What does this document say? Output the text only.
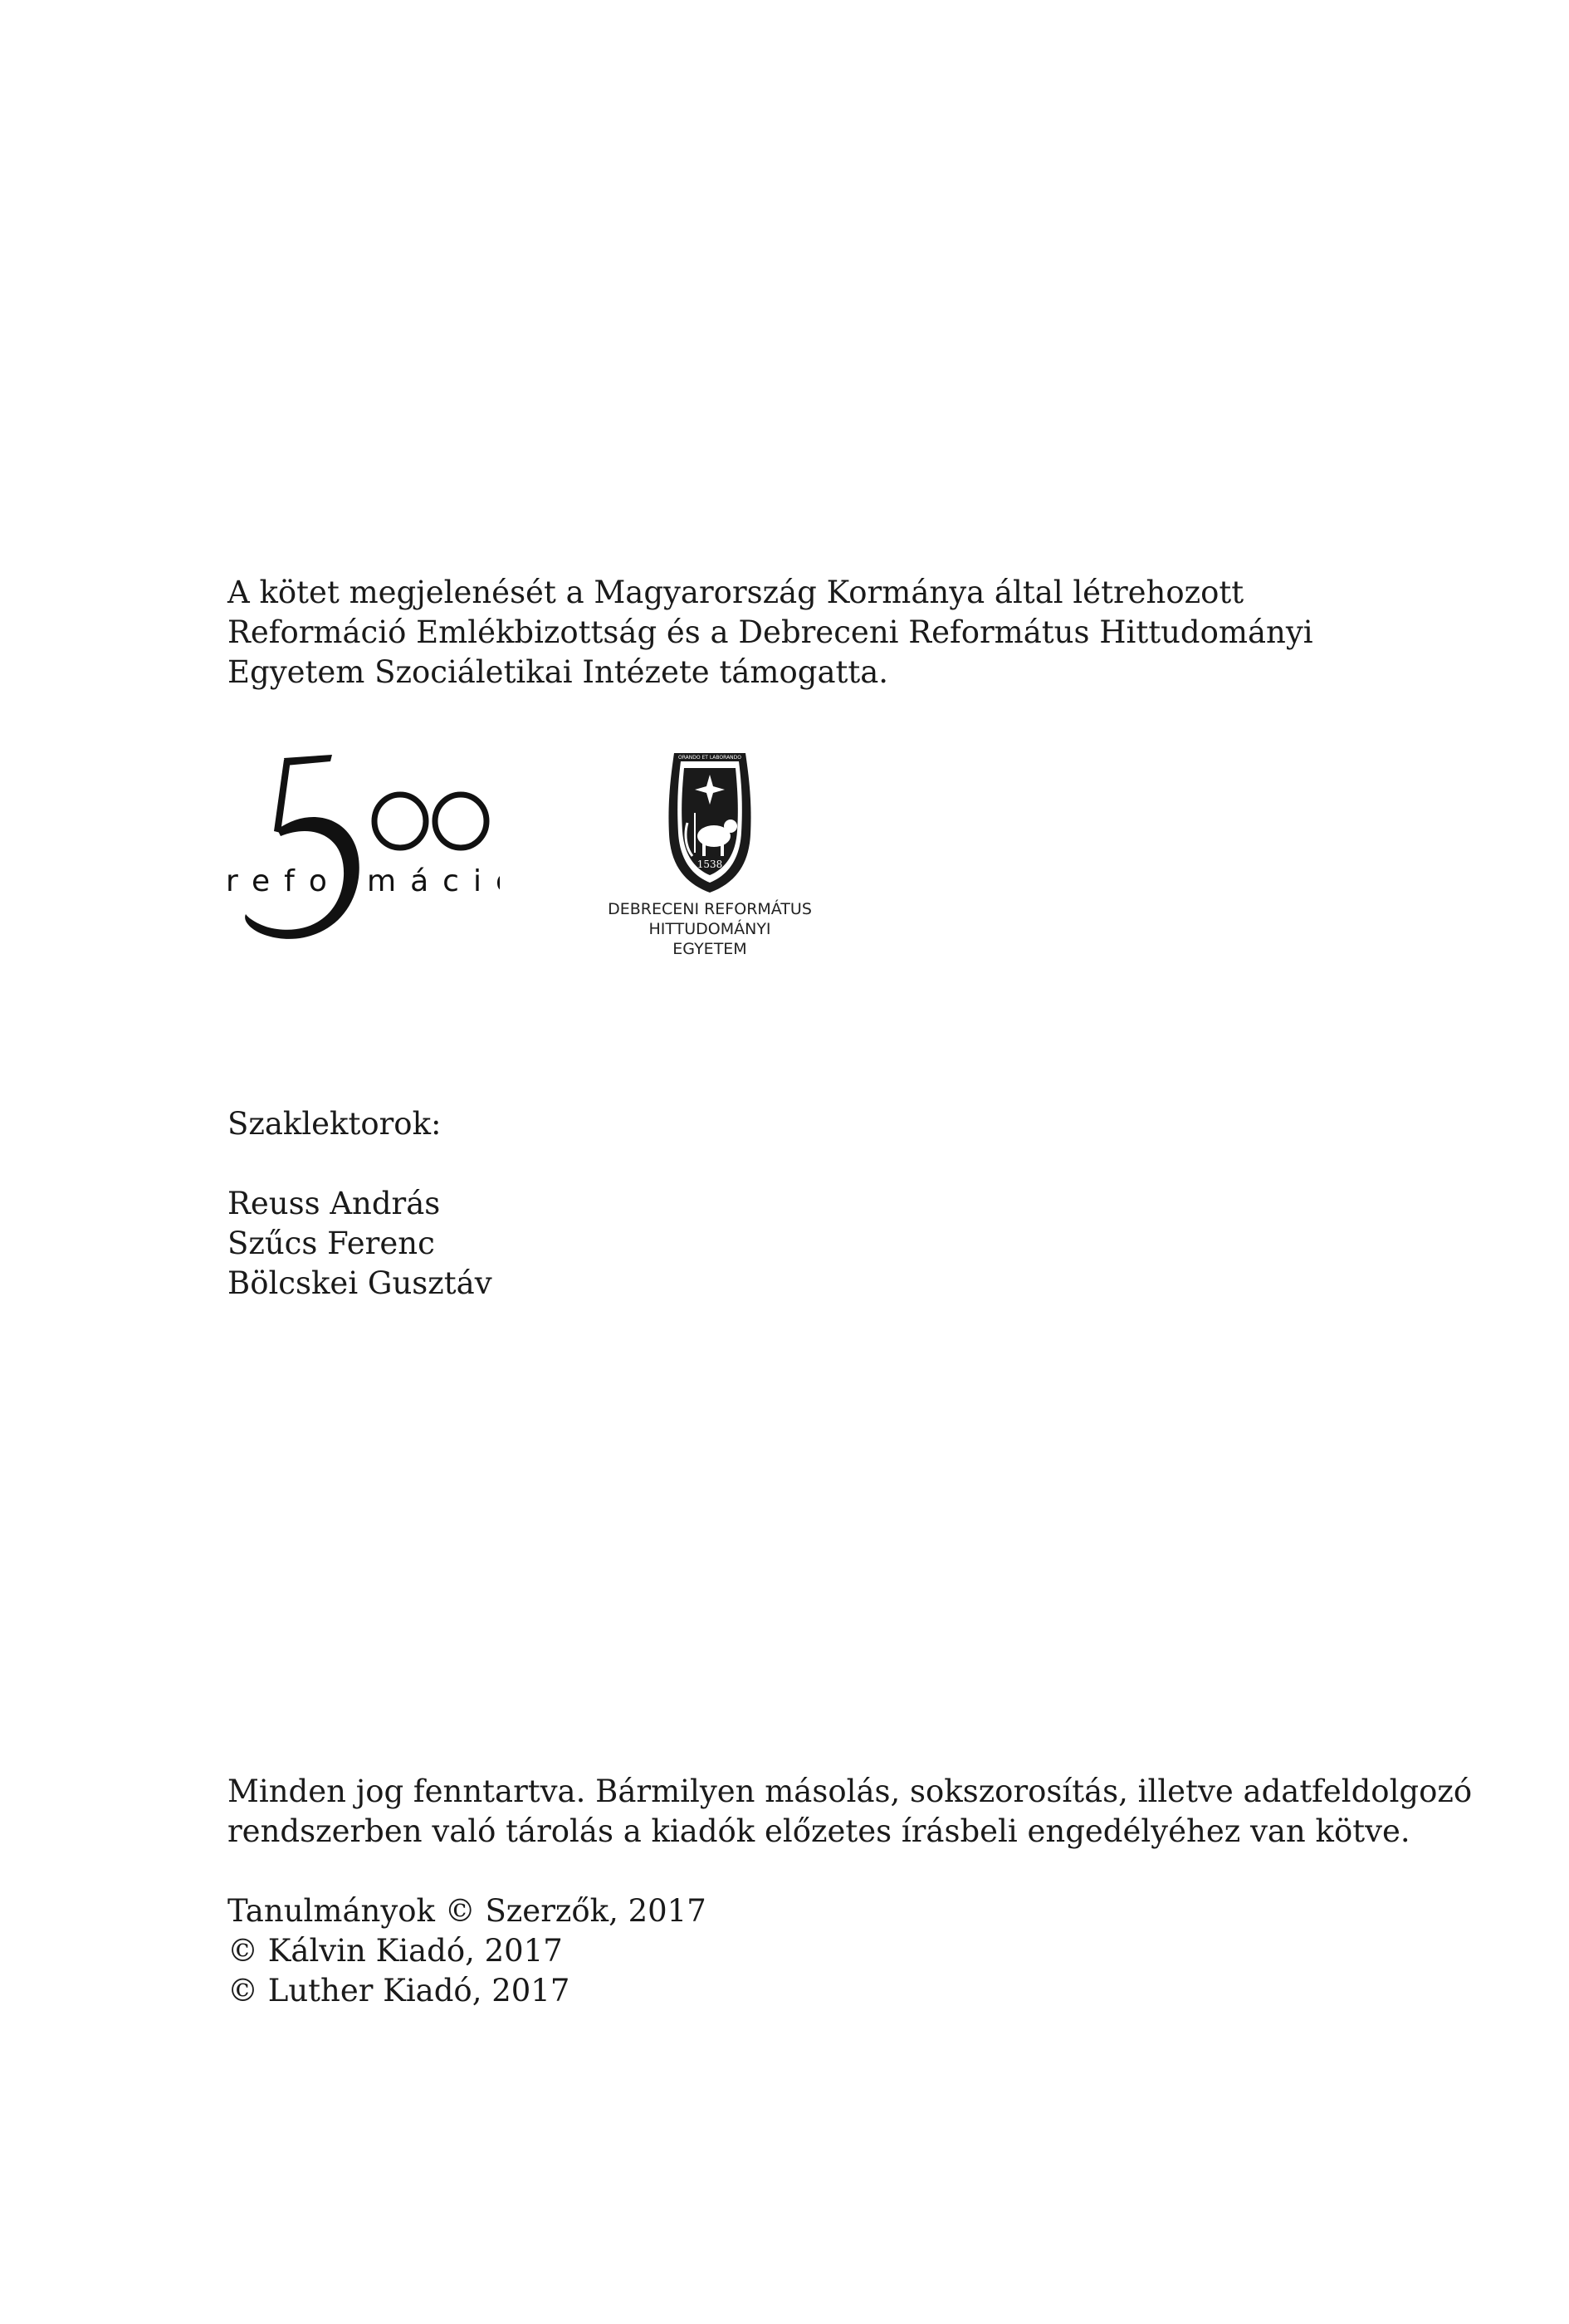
A kötet megjelenését a Magyarország Kormánya által létrehozott
Reformáció Emlékbizottság és a Debreceni Református Hittudományi
Egyetem Szociáletikai Intézete támogatta.
reformáció	1538
ORANDO ET LABORANDO
DEBRECENI REFORMÁTUS
HITTUDOMÁNYI
EGYETEM
Szaklektorok:
Reuss András
Szűcs Ferenc
Bölcskei Gusztáv
Minden jog fenntartva. Bármilyen másolás, sokszorosítás, illetve adatfeldolgozó
rendszerben való tárolás a kiadók előzetes írásbeli engedélyéhez van kötve.
Tanulmányok © Szerzők, 2017
© Kálvin Kiadó, 2017
© Luther Kiadó, 2017
